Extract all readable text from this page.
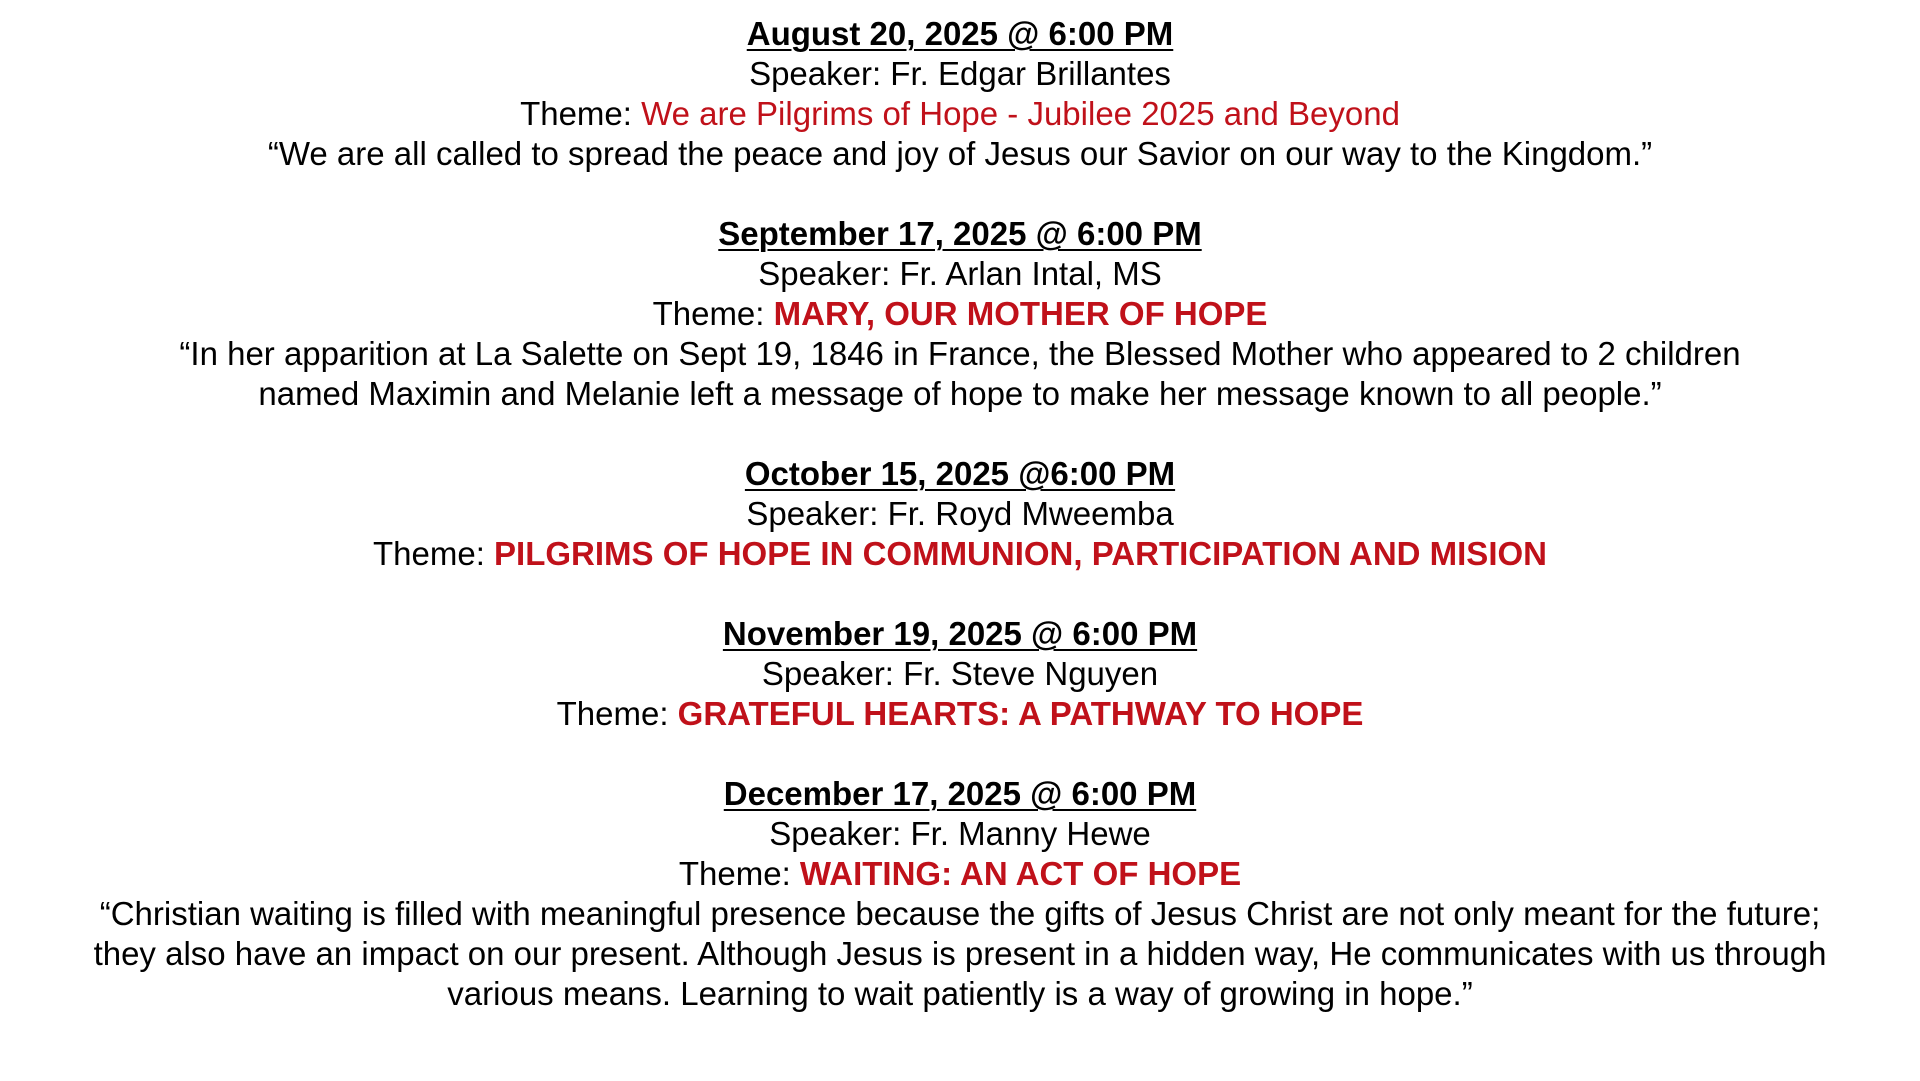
August 20, 2025 @ 6:00 PM
Speaker: Fr. Edgar Brillantes
Theme: We are Pilgrims of Hope - Jubilee 2025 and Beyond
“We are all called to spread the peace and joy of Jesus our Savior on our way to the Kingdom.”
September 17, 2025 @ 6:00 PM
Speaker: Fr. Arlan Intal, MS
Theme: MARY, OUR MOTHER OF HOPE
“In her apparition at La Salette on Sept 19, 1846 in France, the Blessed Mother who appeared to 2 children named Maximin and Melanie left a message of hope to make her message known to all people.”
October 15, 2025 @6:00 PM
Speaker: Fr. Royd Mweemba
Theme: PILGRIMS OF HOPE IN COMMUNION, PARTICIPATION AND MISION
November 19, 2025 @ 6:00 PM
Speaker: Fr. Steve Nguyen
Theme: GRATEFUL HEARTS: A PATHWAY TO HOPE
December 17, 2025 @ 6:00 PM
Speaker: Fr. Manny Hewe
Theme: WAITING: AN ACT OF HOPE
“Christian waiting is filled with meaningful presence because the gifts of Jesus Christ are not only meant for the future; they also have an impact on our present. Although Jesus is present in a hidden way, He communicates with us through various means. Learning to wait patiently is a way of growing in hope.”
